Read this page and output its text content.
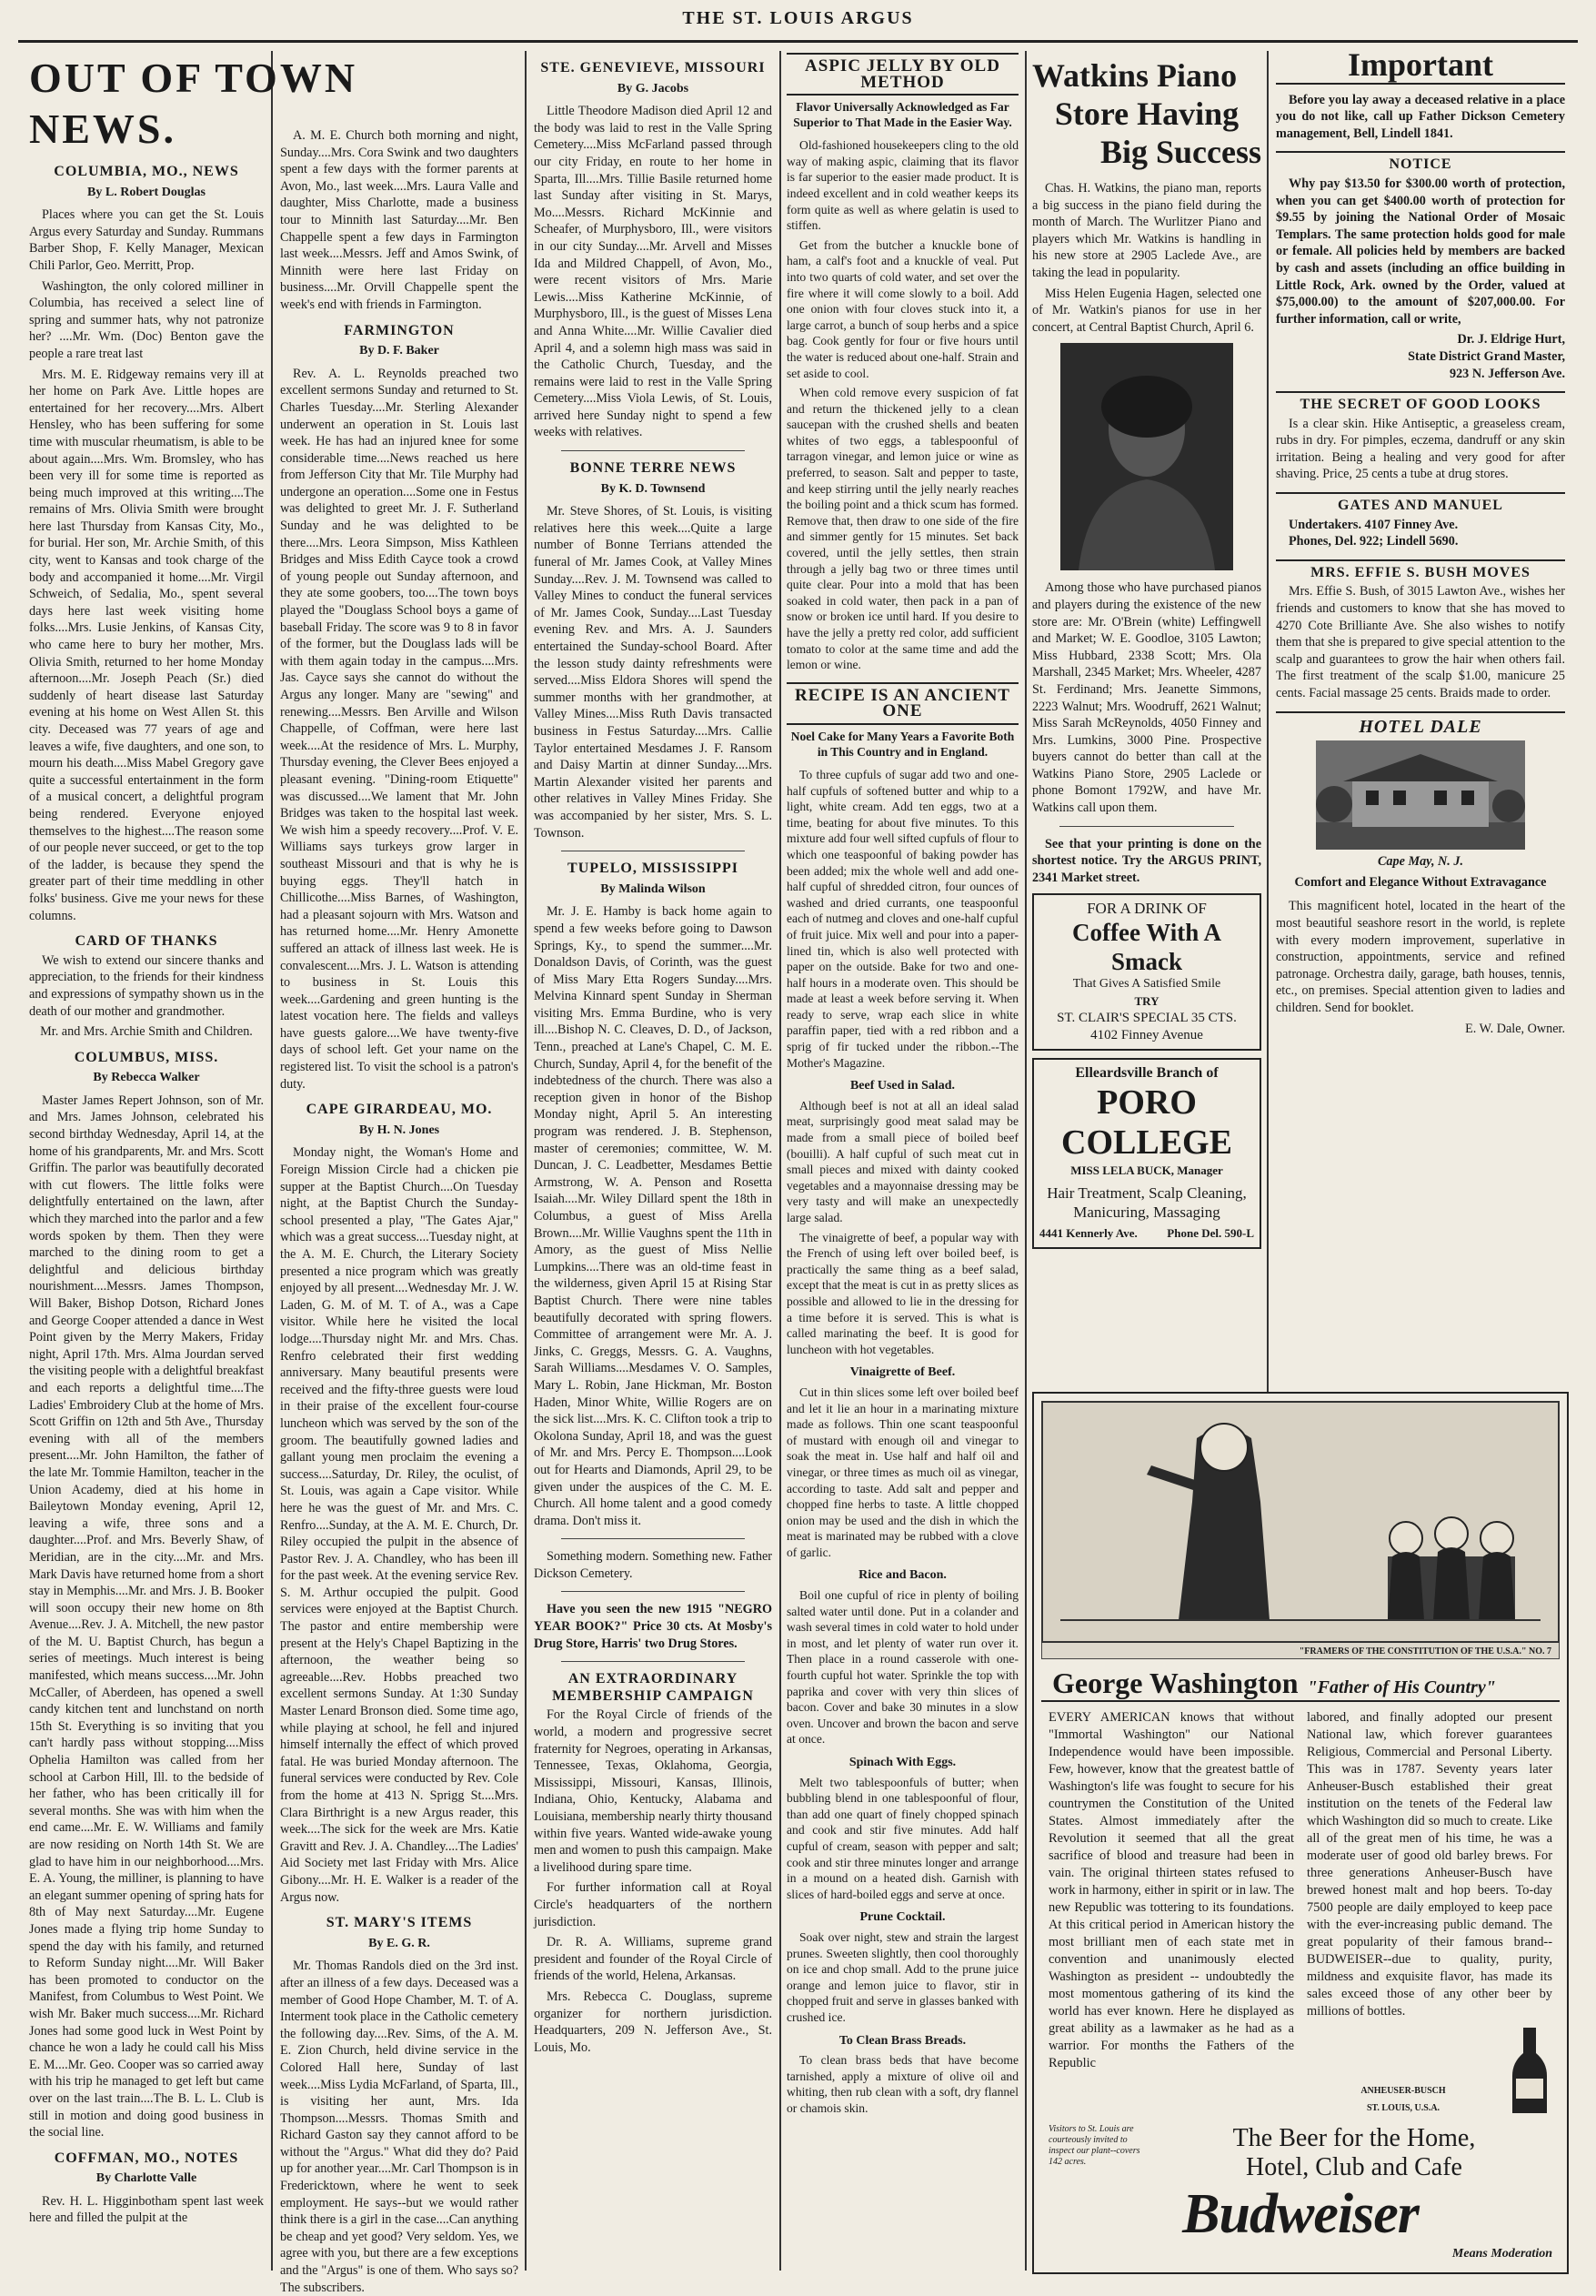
THE ST. LOUIS ARGUS
OUT OF TOWN NEWS.
COLUMBIA, MO., NEWS
By L. Robert Douglas

Places where you can get the St. Louis Argus every Saturday and Sunday. Rummans Barber Shop, F. Kelly Manager, Mexican Chili Parlor, Geo. Merritt, Prop.

Washington, the only colored milliner in Columbia, has received a select line of spring and summer hats, why not patronize her? ....Mr. Wm. (Doc) Benton gave the people a rare treat last

Mrs. M. E. Ridgeway remains very ill at her home on Park Ave. Little hopes are entertained for her recovery....Mrs. Albert Hensley, who has been suffering for some time with muscular rheumatism, is able to be about again....Mrs. Wm. Bromsley, who has been very ill for some time is reported as being much improved at this writing....The remains of Mrs. Olivia Smith were brought here last Thursday from Kansas City, Mo., for burial. Her son, Mr. Archie Smith, of this city, went to Kansas and took charge of the body and accompanied it home....Mr. Virgil Schweich, of Sedalia, Mo., spent several days here last week visiting home folks....Mrs. Lusie Jenkins, of Kansas City, who came here to bury her mother, Mrs. Olivia Smith, returned to her home Monday afternoon....Mr. Joseph Peach (Sr.) died suddenly of heart disease last Saturday evening at his home on West Allen St. this city. Deceased was 77 years of age and leaves a wife, five daughters, and one son, to mourn his death....Miss Mabel Gregory gave quite a successful entertainment in the form of a musical concert, a delightful program being rendered. Everyone enjoyed themselves to the highest....The reason some of our people never succeed, or get to the top of the ladder, is because they spend the greater part of their time meddling in other folks' business. Give me your news for these columns.

CARD OF THANKS

We wish to extend our sincere thanks and appreciation, to the friends for their kindness and expressions of sympathy shown us in the death of our mother and grandmother.

Mr. and Mrs. Archie Smith and Children.
COLUMBUS, MISS.
By Rebecca Walker

Master James Repert Johnson, son of Mr. and Mrs. James Johnson, celebrated his second birthday Wednesday, April 14, at the home of his grandparents, Mr. and Mrs. Scott Griffin. The parlor was beautifully decorated with cut flowers. The little folks were delightfully entertained on the lawn, after which they marched into the parlor and a few words spoken by them. Then they were marched to the dining room to get a delightful and delicious birthday nourishment....Messrs. James Thompson, Will Baker, Bishop Dotson, Richard Jones and George Cooper attended a dance in West Point given by the Merry Makers, Friday night, April 17th. Mrs. Alma Jourdan served the visiting people with a delightful breakfast and each reports a delightful time....The Ladies' Embroidery Club at the home of Mrs. Scott Griffin on 12th and 5th Ave., Thursday evening with all of the members present....Mr. John Hamilton, the father of the late Mr. Tommie Hamilton, teacher in the Union Academy, died at his home in Baileytown Monday evening, April 12, leaving a wife, three sons and a daughter....Prof. and Mrs. Beverly Shaw, of Meridian, are in the city....Mr. and Mrs. Mark Davis have returned home from a short stay in Memphis....Mr. and Mrs. J. B. Booker will soon occupy their new home on 8th Avenue....Rev. J. A. Mitchell, the new pastor of the M. U. Baptist Church, has begun a series of meetings. Much interest is being manifested, which means success....Mr. John McCaller, of Aberdeen, has opened a swell candy kitchen tent and lunchstand on north 15th St. Everything is so inviting that you can't hardly pass without stopping....Miss Ophelia Hamilton was called from her school at Carbon Hill, Ill. to the bedside of her father, who has been critically ill for several months. She was with him when the end came....Mr. E. W. Williams and family are now residing on North 14th St. We are glad to have him in our neighborhood....Mrs. E. A. Young, the milliner, is planning to have an elegant summer opening of spring hats for 8th of May next Saturday....Mr. Eugene Jones made a flying trip home Sunday to spend the day with his family, and returned to Reform Sunday night....Mr. Will Baker has been promoted to conductor on the Manifest, from Columbus to West Point. We wish Mr. Baker much success....Mr. Richard Jones had some good luck in West Point by chance he won a lady he could call his Miss E. M....Mr. Geo. Cooper was so carried away with his trip he managed to get left but came over on the last train....The B. L. L. Club is still in motion and doing good business in the social line.

COFFMAN, MO., NOTES
By Charlotte Valle

Rev. H. L. Higginbotham spent last week here and filled the pulpit at the

A. M. E. Church both morning and night, Sunday....Mrs. Cora Swink and two daughters spent a few days with the former parents at Avon, Mo., last week....Mrs. Laura Valle and daughter, Miss Charlotte, made a business tour to Minnith last Saturday....Mr. Ben Chappelle spent a few days in Farmington last week....Messrs. Jeff and Amos Swink, of Minnith were here last Friday on business....Mr. Orvill Chappelle spent the week's end with friends in Farmington.

FARMINGTON
By D. F. Baker

Rev. A. L. Reynolds preached two excellent sermons Sunday and returned to St. Charles Tuesday....Mr. Sterling Alexander underwent an operation in St. Louis last week. He has had an injured knee for some considerable time....News reached us here from Jefferson City that Mr. Tile Murphy had undergone an operation....Some one in Festus was delighted to greet Mr. J. F. Sutherland Sunday and he was delighted to be there....Mrs. Leora Simpson, Miss Kathleen Bridges and Miss Edith Cayce took a crowd of young people out Sunday afternoon, and they ate some goobers, too....The town boys played the "Douglass School boys a game of baseball Friday. The score was 9 to 8 in favor of the former, but the Douglass lads will be with them again today in the campus....Mrs. Jas. Cayce says she cannot do without the Argus any longer. Many are "sewing" and renewing....Messrs. Ben Arville and Wilson Chappelle, of Coffman, were here last week....At the residence of Mrs. L. Murphy, Thursday evening, the Clever Bees enjoyed a pleasant evening. "Dining-room Etiquette" was discussed....We lament that Mr. John Bridges was taken to the hospital last week. We wish him a speedy recovery....Prof. V. E. Williams says turkeys grow larger in southeast Missouri and that is why he is buying eggs. They'll hatch in Chillicothe....Miss Barnes, of Washington, had a pleasant sojourn with Mrs. Watson and has returned home....Mr. Henry Amonette suffered an attack of illness last week. He is convalescent....Mrs. J. L. Watson is attending to business in St. Louis this week....Gardening and green hunting is the latest vocation here. The fields and valleys have guests galore....We have twenty-five days of school left. Get your name on the registered list. To visit the school is a patron's duty.

CAPE GIRARDEAU, MO.
By H. N. Jones

Monday night, the Woman's Home and Foreign Mission Circle had a chicken pie supper at the Baptist Church....On Tuesday night, at the Baptist Church the Sunday-school presented a play, "The Gates Ajar," which was a great success....Tuesday night, at the A. M. E. Church, the Literary Society presented a nice program which was greatly enjoyed by all present....Wednesday Mr. J. W. Laden, G. M. of M. T. of A., was a Cape visitor. While here he visited the local lodge....Thursday night Mr. and Mrs. Chas. Renfro celebrated their first wedding anniversary. Many beautiful presents were received and the fifty-three guests were loud in their praise of the excellent four-course luncheon which was served by the son of the groom. The beautifully gowned ladies and gallant young men proclaim the evening a success....Saturday, Dr. Riley, the oculist, of St. Louis, was again a Cape visitor. While here he was the guest of Mr. and Mrs. C. Renfro....Sunday, at the A. M. E. Church, Dr. Riley occupied the pulpit in the absence of Pastor Rev. J. A. Chandley, who has been ill for the past week. At the evening service Rev. S. M. Arthur occupied the pulpit. Good services were enjoyed at the Baptist Church. The pastor and entire membership were present at the Hely's Chapel Baptizing in the afternoon, the weather being so agreeable....Rev. Hobbs preached two excellent sermons Sunday. At 1:30 Sunday Master Lenard Bronson died. Some time ago, while playing at school, he fell and injured himself internally the effect of which proved fatal. He was buried Monday afternoon. The funeral services were conducted by Rev. Cole from the home at 413 N. Sprigg St....Mrs. Clara Birthright is a new Argus reader, this week....The sick for the week are Mrs. Katie Gravitt and Rev. J. A. Chandley....The Ladies' Aid Society met last Friday with Mrs. Alice Gibony....Mr. H. E. Walker is a reader of the Argus now.

ST. MARY'S ITEMS
By E. G. R.

Mr. Thomas Randols died on the 3rd inst. after an illness of a few days. Deceased was a member of Good Hope Chamber, M. T. of A. Interment took place in the Catholic cemetery the following day....Rev. Sims, of the A. M. E. Zion Church, held divine service in the Colored Hall here, Sunday of last week....Miss Lydia McFarland, of Sparta, Ill., is visiting her aunt, Mrs. Ida Thompson....Messrs. Thomas Smith and Richard Gaston say they cannot afford to be without the "Argus." What did they do? Paid up for another year....Mr. Carl Thompson is in Fredericktown, where he went to seek employment. He says--but we would rather think there is a girl in the case....Can anything be cheap and yet good? Very seldom. Yes, we agree with you, but there are a few exceptions and the "Argus" is one of them. Who says so? The subscribers.

STE. GENEVIEVE, MISSOURI
By G. Jacobs

Little Theodore Madison died April 12 and the body was laid to rest in the Valle Spring Cemetery....Miss McFarland passed through our city Friday, en route to her home in Sparta, Ill....Mrs. Tillie Basile returned home last Sunday after visiting in St. Marys, Mo....Messrs. Richard McKinnie and Scheafer, of Murphysboro, Ill., were visitors in our city Sunday....Mr. Arvell and Misses Ida and Mildred Chappell, of Avon, Mo., were recent visitors of Mrs. Marie Lewis....Miss Katherine McKinnie, of Murphysboro, Ill., is the guest of Misses Lena and Anna White....Mr. Willie Cavalier died April 4, and a solemn high mass was said in the Catholic Church, Tuesday, and the remains were laid to rest in the Valle Spring Cemetery....Miss Viola Lewis, of St. Louis, arrived here Sunday night to spend a few weeks with relatives.

BONNE TERRE NEWS
By K. D. Townsend

Mr. Steve Shores, of St. Louis, is visiting relatives here this week....Quite a large number of Bonne Terrians attended the funeral of Mr. James Cook, at Valley Mines Sunday....Rev. J. M. Townsend was called to Valley Mines to conduct the funeral services of Mr. James Cook, Sunday....Last Tuesday evening Rev. and Mrs. A. J. Saunders entertained the Sunday-school Board. After the lesson study dainty refreshments were served....Miss Eldora Shores will spend the summer months with her grandmother, at Valley Mines....Miss Ruth Davis transacted business in Festus Saturday....Mrs. Callie Taylor entertained Mesdames J. F. Ransom and Daisy Martin at dinner Sunday....Mrs. Martin Alexander visited her parents and other relatives in Valley Mines Friday. She was accompanied by her sister, Mrs. S. L. Townson.

TUPELO, MISSISSIPPI
By Malinda Wilson

Mr. J. E. Hamby is back home again to spend a few weeks before going to Dawson Springs, Ky., to spend the summer....Mr. Donaldson Davis, of Corinth, was the guest of Miss Mary Etta Rogers Sunday....Mrs. Melvina Kinnard spent Sunday in Sherman visiting Mrs. Emma Burdine, who is very ill....Bishop N. C. Cleaves, D. D., of Jackson, Tenn., preached at Lane's Chapel, C. M. E. Church, Sunday, April 4, for the benefit of the indebtedness of the church. There was also a reception given in honor of the Bishop Monday night, April 5. An interesting program was rendered. J. B. Stephenson, master of ceremonies; committee, W. M. Duncan, J. C. Leadbetter, Mesdames Bettie Armstrong, W. A. Penson and Rosetta Isaiah....Mr. Wiley Dillard spent the 18th in Columbus, a guest of Miss Arella Brown....Mr. Willie Vaughns spent the 11th in Amory, as the guest of Miss Nellie Lumpkins....There was an old-time feast in the wilderness, given April 15 at Rising Star Baptist Church. There were nine tables beautifully decorated with spring flowers. Committee of arrangement were Mr. A. J. Jinks, C. Greggs, Messrs. G. A. Vaughns, Sarah Williams....Mesdames V. O. Samples, Mary L. Robin, Jane Hickman, Mr. Boston Haden, Minor White, Willie Rogers are on the sick list....Mrs. K. C. Clifton took a trip to Okolona Sunday, April 18, and was the guest of Mr. and Mrs. Percy E. Thompson....Look out for Hearts and Diamonds, April 29, to be given under the auspices of the C. M. E. Church. All home talent and a good comedy drama. Don't miss it.

Something modern. Something new. Father Dickson Cemetery.

Have you seen the new 1915 "NEGRO YEAR BOOK?" Price 30 cts. At Mosby's Drug Store, Harris' two Drug Stores.

AN EXTRAORDINARY MEMBERSHIP CAMPAIGN

For the Royal Circle of friends of the world, a modern and progressive secret fraternity for Negroes, operating in Arkansas, Tennessee, Texas, Oklahoma, Georgia, Mississippi, Missouri, Kansas, Illinois, Indiana, Ohio, Kentucky, Alabama and Louisiana, membership nearly thirty thousand within five years. Wanted wide-awake young men and women to push this campaign. Make a livelihood during spare time.

For further information call at Royal Circle's headquarters of the northern jurisdiction.

Dr. R. A. Williams, supreme grand president and founder of the Royal Circle of friends of the world, Helena, Arkansas.

Mrs. Rebecca C. Douglass, supreme organizer for northern jurisdiction. Headquarters, 209 N. Jefferson Ave., St. Louis, Mo.

ASPIC JELLY BY OLD METHOD
Flavor Universally Acknowledged as Far Superior to That Made in the Easier Way.

Old-fashioned housekeepers cling to the old way of making aspic, claiming that its flavor is far superior to the easier made product. It is indeed excellent and in cold weather keeps its form quite as well as where gelatin is used to stiffen.

Get from the butcher a knuckle bone of ham, a calf's foot and a knuckle of veal. Put into two quarts of cold water, and set over the fire where it will come slowly to a boil. Add one onion with four cloves stuck into it, a large carrot, a bunch of soup herbs and a spice bag. Cook gently for four or five hours until the water is reduced about one-half. Strain and set aside to cool.

When cold remove every suspicion of fat and return the thickened jelly to a clean saucepan with the crushed shells and beaten whites of two eggs, a tablespoonful of tarragon vinegar, and lemon juice or wine as preferred, to season. Salt and pepper to taste, and keep stirring until the jelly nearly reaches the boiling point and a thick scum has formed. Remove that, then draw to one side of the fire and simmer gently for 15 minutes. Set back covered, until the jelly settles, then strain through a jelly bag two or three times until quite clear. Pour into a mold that has been soaked in cold water, then pack in a pan of snow or broken ice until hard. If you desire to have the jelly a pretty red color, add sufficient tomato to color at the same time and add the lemon or wine.

RECIPE IS AN ANCIENT ONE
Noel Cake for Many Years a Favorite Both in This Country and in England.

To three cupfuls of sugar add two and one-half cupfuls of softened butter and whip to a light, white cream. Add ten eggs, two at a time, beating for about five minutes. To this mixture add four well sifted cupfuls of flour to which one teaspoonful of baking powder has been added; mix the whole well and add one-half cupful of shredded citron, four ounces of washed and dried currants, one teaspoonful each of nutmeg and cloves and one-half cupful of fruit juice. Mix well and pour into a paper-lined tin, which is also well protected with paper on the outside. Bake for two and one-half hours in a moderate oven. This should be made at least a week before serving it. When ready to serve, wrap each slice in white paraffin paper, tied with a red ribbon and a sprig of fir tucked under the ribbon.--The Mother's Magazine.

Beef Used in Salad.

Although beef is not at all an ideal salad meat, surprisingly good meat salad may be made from a small piece of boiled beef (bouilli). A half cupful of such meat cut in small pieces and mixed with dainty cooked vegetables and a mayonnaise dressing may be very tasty and will make an unexpectedly large salad.

The vinaigrette of beef, a popular way with the French of using left over boiled beef, is practically the same thing as a beef salad, except that the meat is cut in as pretty slices as possible and allowed to lie in the dressing for a time before it is served. This is what is called marinating the beef. It is good for luncheon with hot vegetables.

Vinaigrette of Beef.

Cut in thin slices some left over boiled beef and let it lie an hour in a marinating mixture made as follows. Thin one scant teaspoonful of mustard with enough oil and vinegar to soak the meat in. Use half and half oil and vinegar, or three times as much oil as vinegar, according to taste. Add salt and pepper and chopped fine herbs to taste. A little chopped onion may be used and the dish in which the meat is marinated may be rubbed with a clove of garlic.

Rice and Bacon.

Boil one cupful of rice in plenty of boiling salted water until done. Put in a colander and wash several times in cold water to hold under in most, and let plenty of water run over it. Then place in a round casserole with one-fourth cupful hot water. Sprinkle the top with paprika and cover with very thin slices of bacon. Cover and bake 30 minutes in a slow oven. Uncover and brown the bacon and serve at once.

Spinach With Eggs.

Melt two tablespoonfuls of butter; when bubbling blend in one tablespoonful of flour, than add one quart of finely chopped spinach and cook and stir five minutes. Add half cupful of cream, season with pepper and salt; cook and stir three minutes longer and arrange in a mound on a heated dish. Garnish with slices of hard-boiled eggs and serve at once.

Prune Cocktail.

Soak over night, stew and strain the largest prunes. Sweeten slightly, then cool thoroughly on ice and chop small. Add to the prune juice orange and lemon juice to flavor, stir in chopped fruit and serve in glasses banked with crushed ice.

To Clean Brass Breads.

To clean brass beds that have become tarnished, apply a mixture of olive oil and whiting, then rub clean with a soft, dry flannel or chamois skin.

Watkins Piano
Store Having
Big Success

Chas. H. Watkins, the piano man, reports a big success in the piano field during the month of March. The Wurlitzer Piano and players which Mr. Watkins is handling in his new store at 2905 Laclede Ave., are taking the lead in popularity.

Miss Helen Eugenia Hagen, selected one of Mr. Watkin's pianos for use in her concert, at Central Baptist Church, April 6.

Among those who have purchased pianos and players during the existence of the new store are: Mr. O'Brein (white) Leffingwell and Market; W. E. Goodloe, 3105 Lawton; Miss Hubbard, 2338 Scott; Mrs. Ola Marshall, 2345 Market; Mrs. Wheeler, 4287 St. Ferdinand; Mrs. Jeanette Simmons, 2223 Walnut; Mrs. Woodruff, 2621 Walnut; Miss Sarah McReynolds, 4050 Finney and Mrs. Lumkins, 3000 Pine. Prospective buyers cannot do better than call at the Watkins Piano Store, 2905 Laclede or phone Bomont 1792W, and have Mr. Watkins call upon them.

See that your printing is done on the shortest notice. Try the ARGUS PRINT, 2341 Market street.

FOR A DRINK OF
Coffee With A Smack
That Gives A Satisfied Smile
TRY
ST. CLAIR'S SPECIAL 35 CTS.
4102 Finney Avenue
Elleardsville Branch of
PORO COLLEGE
MISS LELA BUCK, Manager
Hair Treatment, Scalp Cleaning, Manicuring, Massaging
4441 Kennerly Ave.	Phone Del. 590-L
Important

Before you lay away a deceased relative in a place you do not like, call up Father Dickson Cemetery management, Bell, Lindell 1841.

NOTICE

Why pay $13.50 for $300.00 worth of protection, when you can get $400.00 worth of protection for $9.55 by joining the National Order of Mosaic Templars. The same protection holds good for male or female. All policies held by members are backed by cash and assets (including an office building in Little Rock, Ark. owned by the Order, valued at $75,000.00) to the amount of $207,000.00. For further information, call or write,

Dr. J. Eldrige Hurt,
State District Grand Master,
923 N. Jefferson Ave.
THE SECRET OF GOOD LOOKS

Is a clear skin. Hike Antiseptic, a greaseless cream, rubs in dry. For pimples, eczema, dandruff or any skin irritation. Being a healing and very good for after shaving. Price, 25 cents a tube at drug stores.

GATES AND MANUEL
Undertakers. 4107 Finney Ave.
Phones, Del. 922; Lindell 5690.
MRS. EFFIE S. BUSH MOVES

Mrs. Effie S. Bush, of 3015 Lawton Ave., wishes her friends and customers to know that she has moved to 4270 Cote Brilliante Ave. She also wishes to notify them that she is prepared to give special attention to the scalp and guarantees to grow the hair when others fail. The first treatment of the scalp $1.00, manicure 25 cents. Facial massage 25 cents. Braids made to order.

HOTEL DALE
Cape May, N. J.
Comfort and Elegance Without Extravagance

This magnificent hotel, located in the heart of the most beautiful seashore resort in the world, is replete with every modern improvement, superlative in construction, appointments, service and refined patronage. Orchestra daily, garage, bath houses, tennis, etc., on premises. Special attention given to ladies and children. Send for booklet.

E. W. Dale, Owner.
"FRAMERS OF THE CONSTITUTION OF THE U.S.A." NO. 7
George Washington "Father of His Country"
EVERY AMERICAN knows that without "Immortal Washington" our National Independence would have been impossible. Few, however, know that the greatest battle of Washington's life was fought to secure for his countrymen the Constitution of the United States. Almost immediately after the Revolution it seemed that all the great sacrifice of blood and treasure had been in vain. The original thirteen states refused to work in harmony, either in spirit or in law. The new Republic was tottering to its foundations. At this critical period in American history the most brilliant men of each state met in convention and unanimously elected Washington as president -- undoubtedly the most momentous gathering of its kind the world has ever known. Here he displayed as great ability as a lawmaker as he had as a warrior. For months the Fathers of the Republic
labored, and finally adopted our present National law, which forever guarantees Religious, Commercial and Personal Liberty. This was in 1787. Seventy years later Anheuser-Busch established their great institution on the tenets of the Federal law which Washington did so much to create. Like all of the great men of his time, he was a moderate user of good old barley brews. For three generations Anheuser-Busch have brewed honest malt and hop beers. To-day 7500 people are daily employed to keep pace with the ever-increasing public demand. The great popularity of their famous brand--BUDWEISER--due to quality, purity, mildness and exquisite flavor, has made its sales exceed those of any other beer by millions of bottles.
ANHEUSER-BUSCH
ST. LOUIS, U.S.A.
Visitors to St. Louis are courteously invited to inspect our plant--covers 142 acres.
The Beer for the Home,
Hotel, Club and Cafe
Budweiser
Means Moderation
